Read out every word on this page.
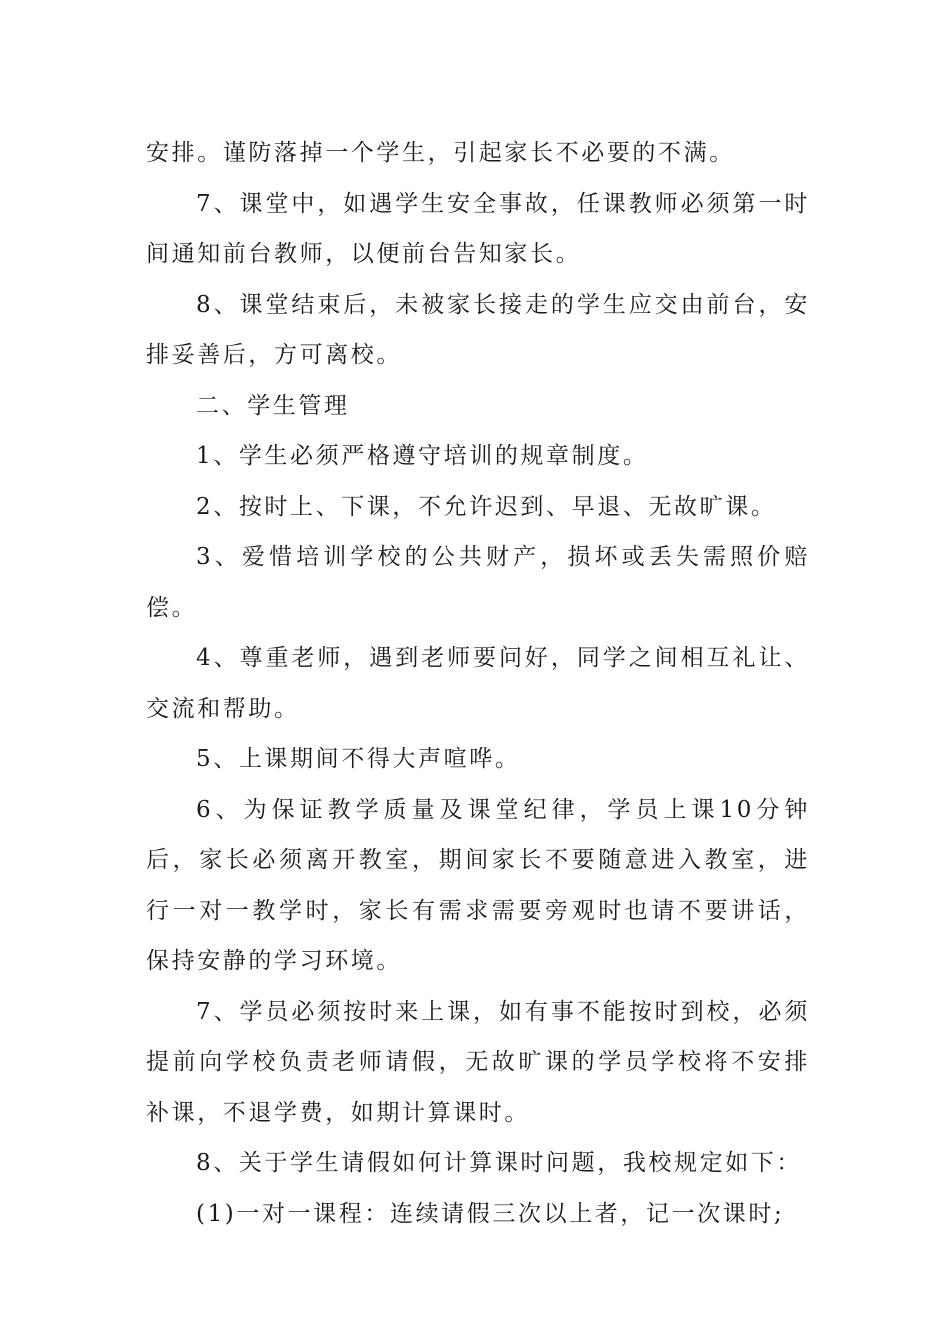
安排。谨防落掉一个学生，引起家长不必要的不满。

7、课堂中，如遇学生安全事故，任课教师必须第一时间通知前台教师，以便前台告知家长。

8、课堂结束后，未被家长接走的学生应交由前台，安排妥善后，方可离校。

二、学生管理

1、学生必须严格遵守培训的规章制度。

2、按时上、下课，不允许迟到、早退、无故旷课。

3、爱惜培训学校的公共财产，损坏或丢失需照价赔偿。

4、尊重老师，遇到老师要问好，同学之间相互礼让、交流和帮助。

5、上课期间不得大声喧哗。

6、为保证教学质量及课堂纪律，学员上课10分钟后，家长必须离开教室，期间家长不要随意进入教室，进行一对一教学时，家长有需求需要旁观时也请不要讲话，保持安静的学习环境。

7、学员必须按时来上课，如有事不能按时到校，必须提前向学校负责老师请假，无故旷课的学员学校将不安排补课，不退学费，如期计算课时。

8、关于学生请假如何计算课时问题，我校规定如下：

(1)一对一课程：连续请假三次以上者，记一次课时;
